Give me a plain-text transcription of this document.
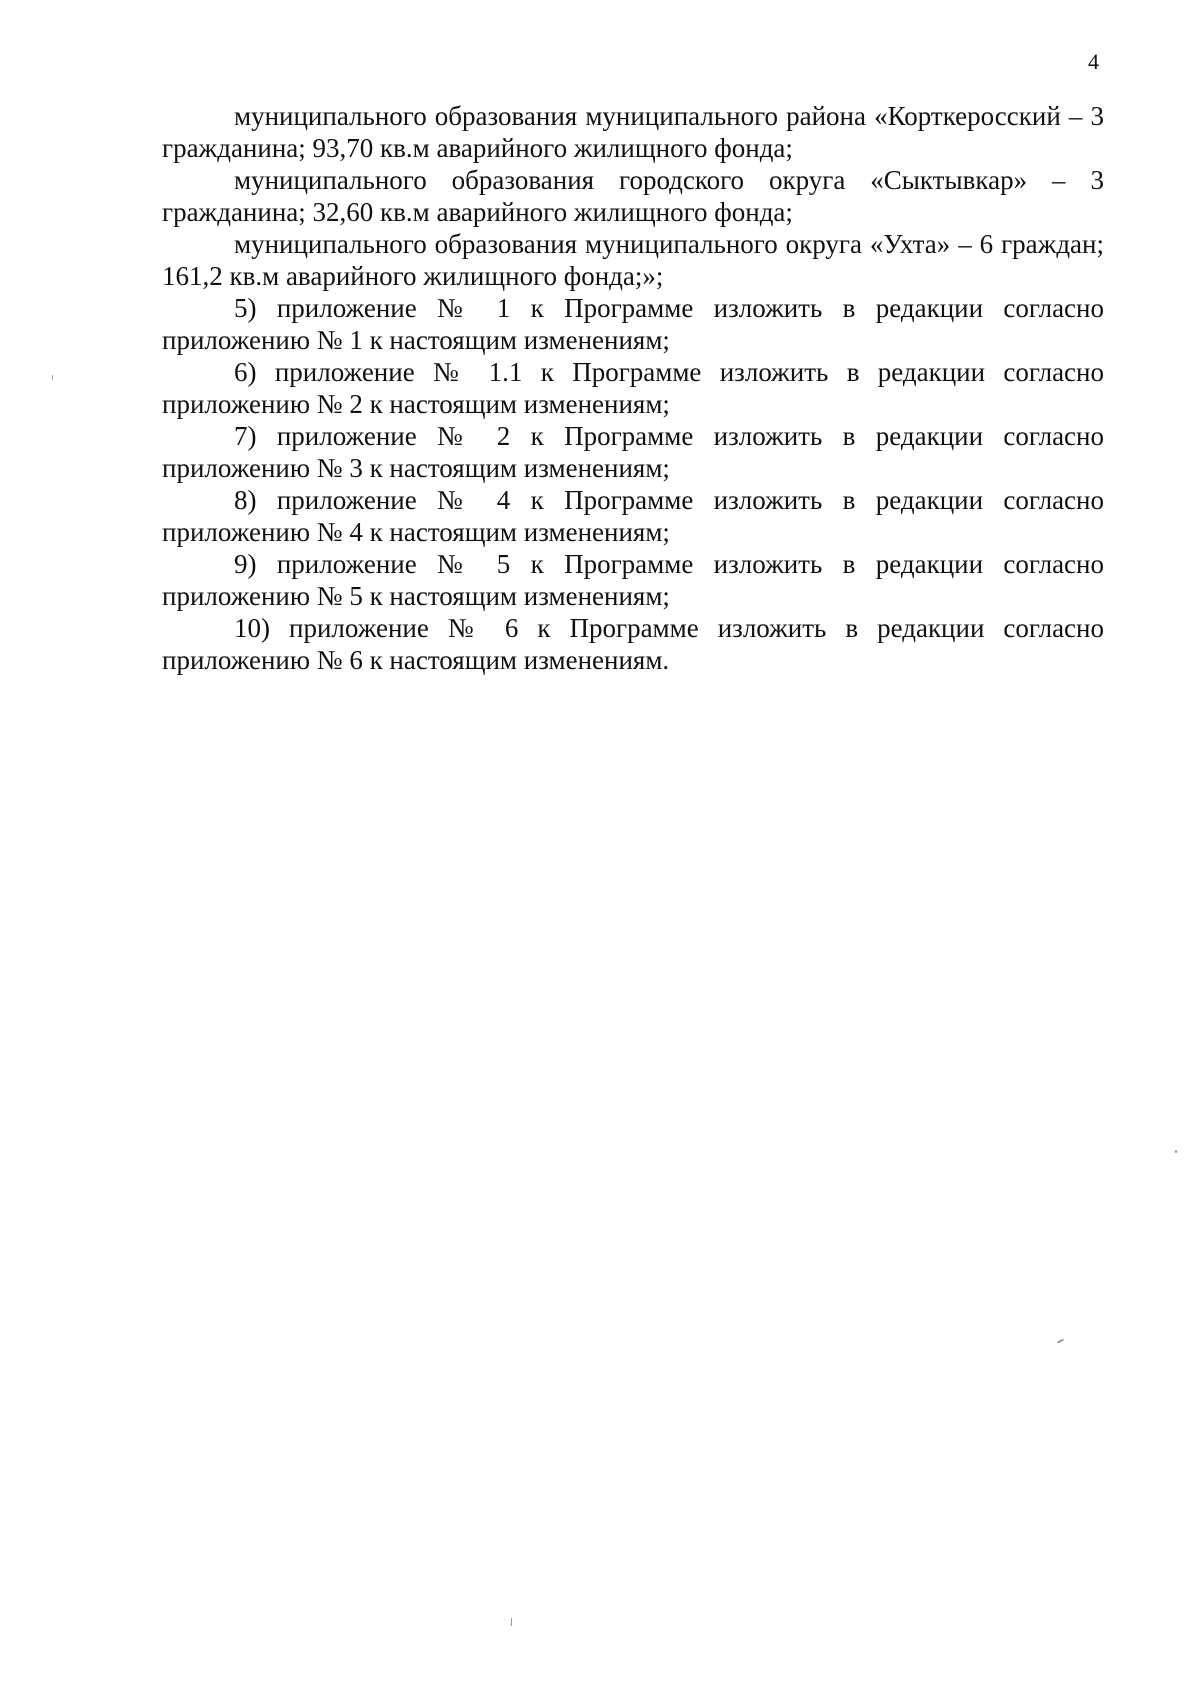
4

муниципального образования муниципального района «Корткеросский – 3 гражданина; 93,70 кв.м аварийного жилищного фонда;

муниципального образования городского округа «Сыктывкар» – 3 гражданина; 32,60 кв.м аварийного жилищного фонда;

муниципального образования муниципального округа «Ухта» – 6 граждан; 161,2 кв.м аварийного жилищного фонда;»;

5) приложение № 1 к Программе изложить в редакции согласно приложению № 1 к настоящим изменениям;

6) приложение № 1.1 к Программе изложить в редакции согласно приложению № 2 к настоящим изменениям;

7) приложение № 2 к Программе изложить в редакции согласно приложению № 3 к настоящим изменениям;

8) приложение № 4 к Программе изложить в редакции согласно приложению № 4 к настоящим изменениям;

9) приложение № 5 к Программе изложить в редакции согласно приложению № 5 к настоящим изменениям;

10) приложение № 6 к Программе изложить в редакции согласно приложению № 6 к настоящим изменениям.
